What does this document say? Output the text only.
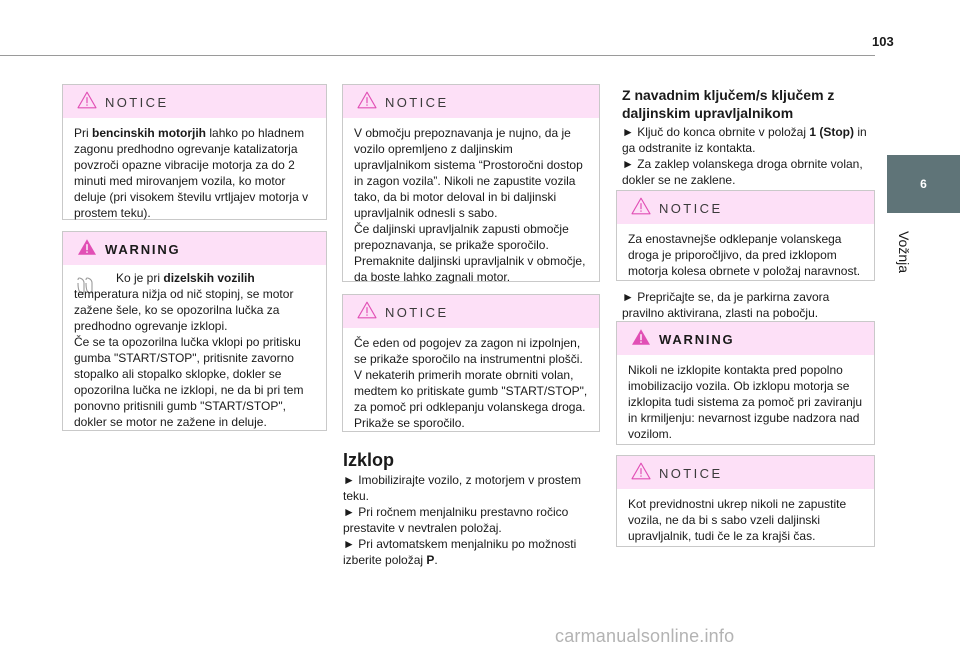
103
6
Vožnja
NOTICE
Pri bencinskih motorjih lahko po hladnem zagonu predhodno ogrevanje katalizatorja povzroči opazne vibracije motorja za do 2 minuti med mirovanjem vozila, ko motor deluje (pri visokem številu vrtljajev motorja v prostem teku).
WARNING
Ko je pri dizelskih vozilih temperatura nižja od nič stopinj, se motor zažene šele, ko se opozorilna lučka za predhodno ogrevanje izklopi.
Če se ta opozorilna lučka vklopi po pritisku gumba "START/STOP", pritisnite zavorno stopalko ali stopalko sklopke, dokler se opozorilna lučka ne izklopi, ne da bi pri tem ponovno pritisnili gumb "START/STOP", dokler se motor ne zažene in deluje.
NOTICE
V območju prepoznavanja je nujno, da je vozilo opremljeno z daljinskim upravljalnikom sistema “Prostoročni dostop in zagon vozila”. Nikoli ne zapustite vozila tako, da bi motor deloval in bi daljinski upravljalnik odnesli s sabo.
Če daljinski upravljalnik zapusti območje prepoznavanja, se prikaže sporočilo.
Premaknite daljinski upravljalnik v območje, da boste lahko zagnali motor.
NOTICE
Če eden od pogojev za zagon ni izpolnjen, se prikaže sporočilo na instrumentni plošči. V nekaterih primerih morate obrniti volan, medtem ko pritiskate gumb "START/STOP", za pomoč pri odklepanju volanskega droga. Prikaže se sporočilo.
Izklop
► Imobilizirajte vozilo, z motorjem v prostem teku.
► Pri ročnem menjalniku prestavno ročico prestavite v nevtralen položaj.
► Pri avtomatskem menjalniku po možnosti izberite položaj P.
Z navadnim ključem/s ključem z daljinskim upravljalnikom
► Ključ do konca obrnite v položaj 1 (Stop) in ga odstranite iz kontakta.
► Za zaklep volanskega droga obrnite volan, dokler se ne zaklene.
NOTICE
Za enostavnejše odklepanje volanskega droga je priporočljivo, da pred izklopom motorja kolesa obrnete v položaj naravnost.
► Prepričajte se, da je parkirna zavora pravilno aktivirana, zlasti na pobočju.
WARNING
Nikoli ne izklopite kontakta pred popolno imobilizacijo vozila. Ob izklopu motorja se izklopita tudi sistema za pomoč pri zaviranju in krmiljenju: nevarnost izgube nadzora nad vozilom.
NOTICE
Kot previdnostni ukrep nikoli ne zapustite vozila, ne da bi s sabo vzeli daljinski upravljalnik, tudi če le za krajši čas.
carmanualsonline.info
